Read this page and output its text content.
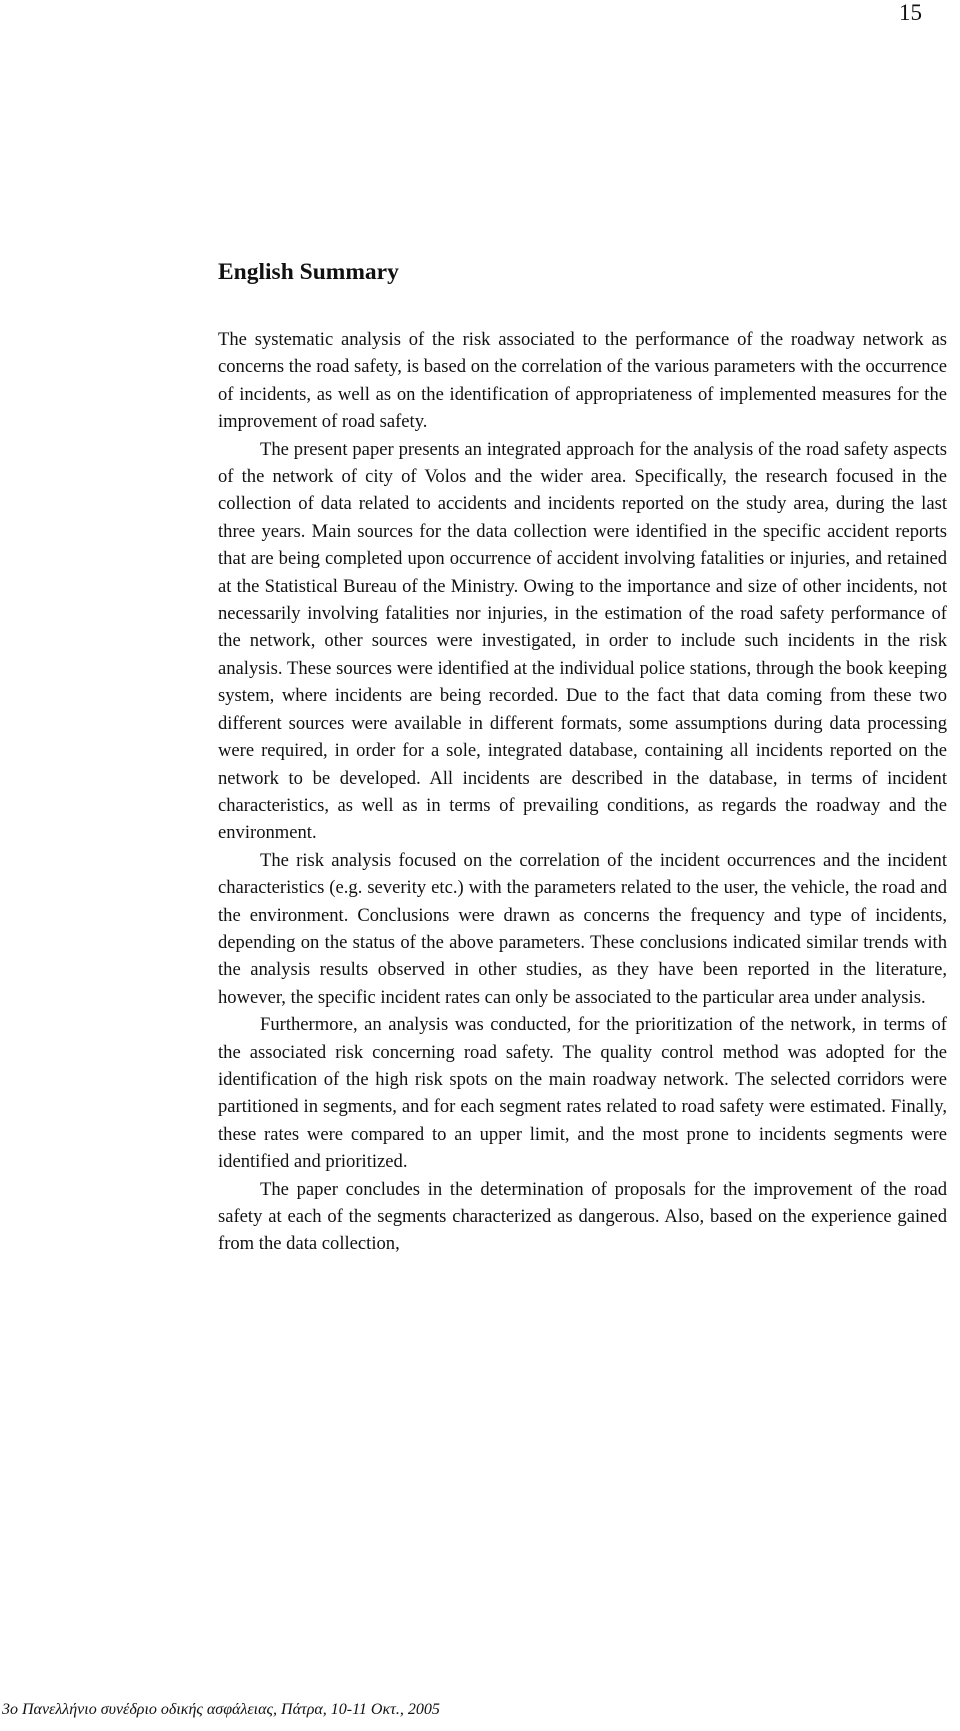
15
English Summary

The systematic analysis of the risk associated to the performance of the roadway network as concerns the road safety, is based on the correlation of the various parameters with the occurrence of incidents, as well as on the identification of appropriateness of implemented measures for the improvement of road safety.

The present paper presents an integrated approach for the analysis of the road safety aspects of the network of city of Volos and the wider area. Specifically, the research focused in the collection of data related to accidents and incidents reported on the study area, during the last three years. Main sources for the data collection were identified in the specific accident reports that are being completed upon occurrence of accident involving fatalities or injuries, and retained at the Statistical Bureau of the Ministry. Owing to the importance and size of other incidents, not necessarily involving fatalities nor injuries, in the estimation of the road safety performance of the network, other sources were investigated, in order to include such incidents in the risk analysis. These sources were identified at the individual police stations, through the book keeping system, where incidents are being recorded. Due to the fact that data coming from these two different sources were available in different formats, some assumptions during data processing were required, in order for a sole, integrated database, containing all incidents reported on the network to be developed. All incidents are described in the database, in terms of incident characteristics, as well as in terms of prevailing conditions, as regards the roadway and the environment.

The risk analysis focused on the correlation of the incident occurrences and the incident characteristics (e.g. severity etc.) with the parameters related to the user, the vehicle, the road and the environment. Conclusions were drawn as concerns the frequency and type of incidents, depending on the status of the above parameters. These conclusions indicated similar trends with the analysis results observed in other studies, as they have been reported in the literature, however, the specific incident rates can only be associated to the particular area under analysis.

Furthermore, an analysis was conducted, for the prioritization of the network, in terms of the associated risk concerning road safety. The quality control method was adopted for the identification of the high risk spots on the main roadway network. The selected corridors were partitioned in segments, and for each segment rates related to road safety were estimated. Finally, these rates were compared to an upper limit, and the most prone to incidents segments were identified and prioritized.

The paper concludes in the determination of proposals for the improvement of the road safety at each of the segments characterized as dangerous. Also, based on the experience gained from the data collection,

3ο Πανελλήνιο συνέδριο οδικής ασφάλειας, Πάτρα, 10-11 Οκτ., 2005
